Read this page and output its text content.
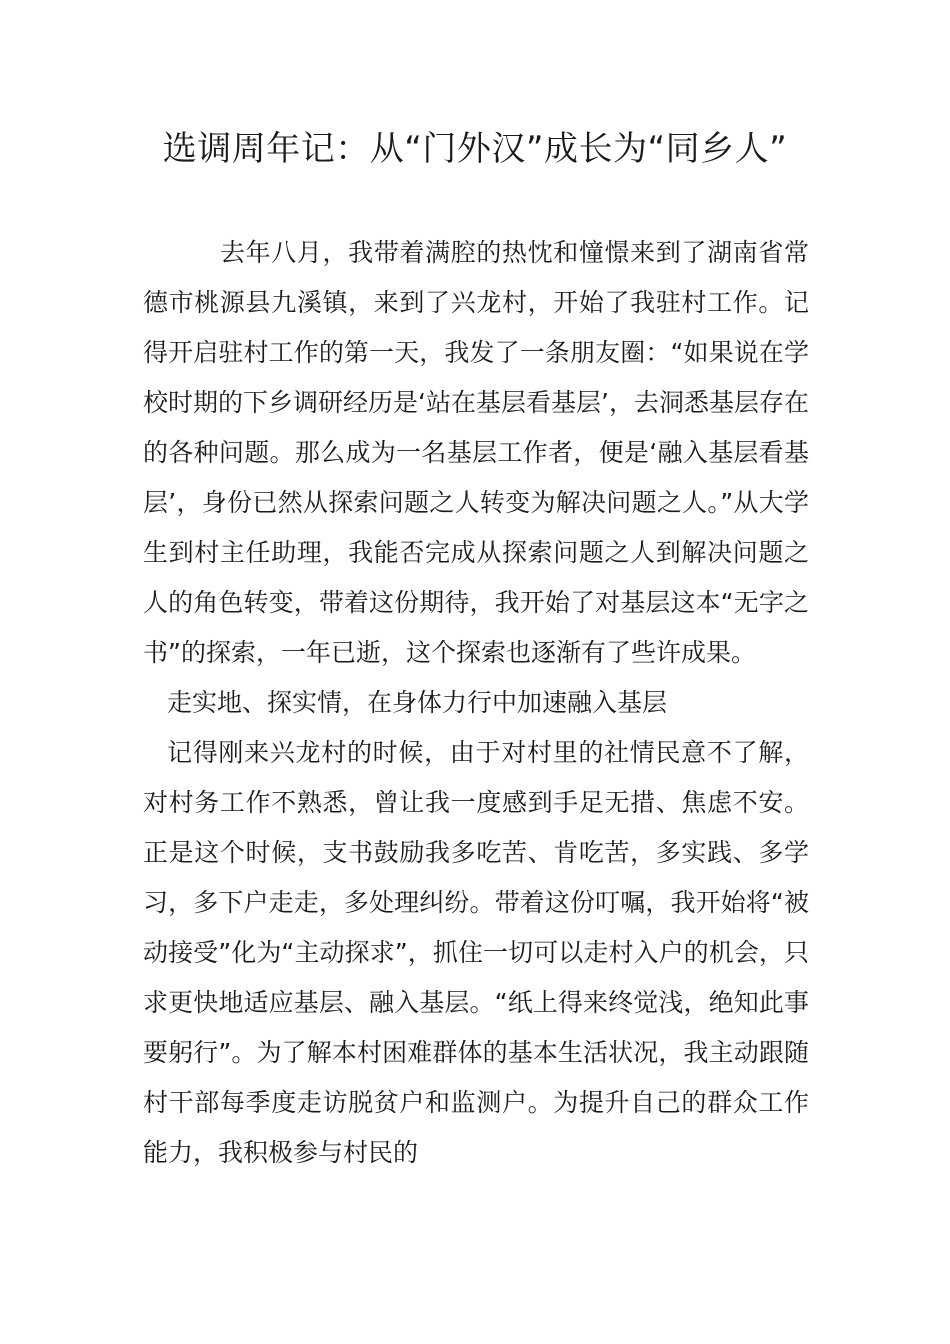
选调周年记：从“门外汉”成长为“同乡人”

去年八月，我带着满腔的热忱和憧憬来到了湖南省常德市桃源县九溪镇，来到了兴龙村，开始了我驻村工作。记得开启驻村工作的第一天，我发了一条朋友圈：“如果说在学校时期的下乡调研经历是‘站在基层看基层’，去洞悉基层存在的各种问题。那么成为一名基层工作者，便是‘融入基层看基层’，身份已然从探索问题之人转变为解决问题之人。”从大学生到村主任助理，我能否完成从探索问题之人到解决问题之人的角色转变，带着这份期待，我开始了对基层这本“无字之书”的探索，一年已逝，这个探索也逐渐有了些许成果。

走实地、探实情，在身体力行中加速融入基层

记得刚来兴龙村的时候，由于对村里的社情民意不了解，对村务工作不熟悉，曾让我一度感到手足无措、焦虑不安。正是这个时候，支书鼓励我多吃苦、肯吃苦，多实践、多学习，多下户走走，多处理纠纷。带着这份叮嘱，我开始将“被动接受”化为“主动探求”，抓住一切可以走村入户的机会，只求更快地适应基层、融入基层。“纸上得来终觉浅，绝知此事要躬行”。为了解本村困难群体的基本生活状况，我主动跟随村干部每季度走访脱贫户和监测户。为提升自己的群众工作能力，我积极参与村民的
